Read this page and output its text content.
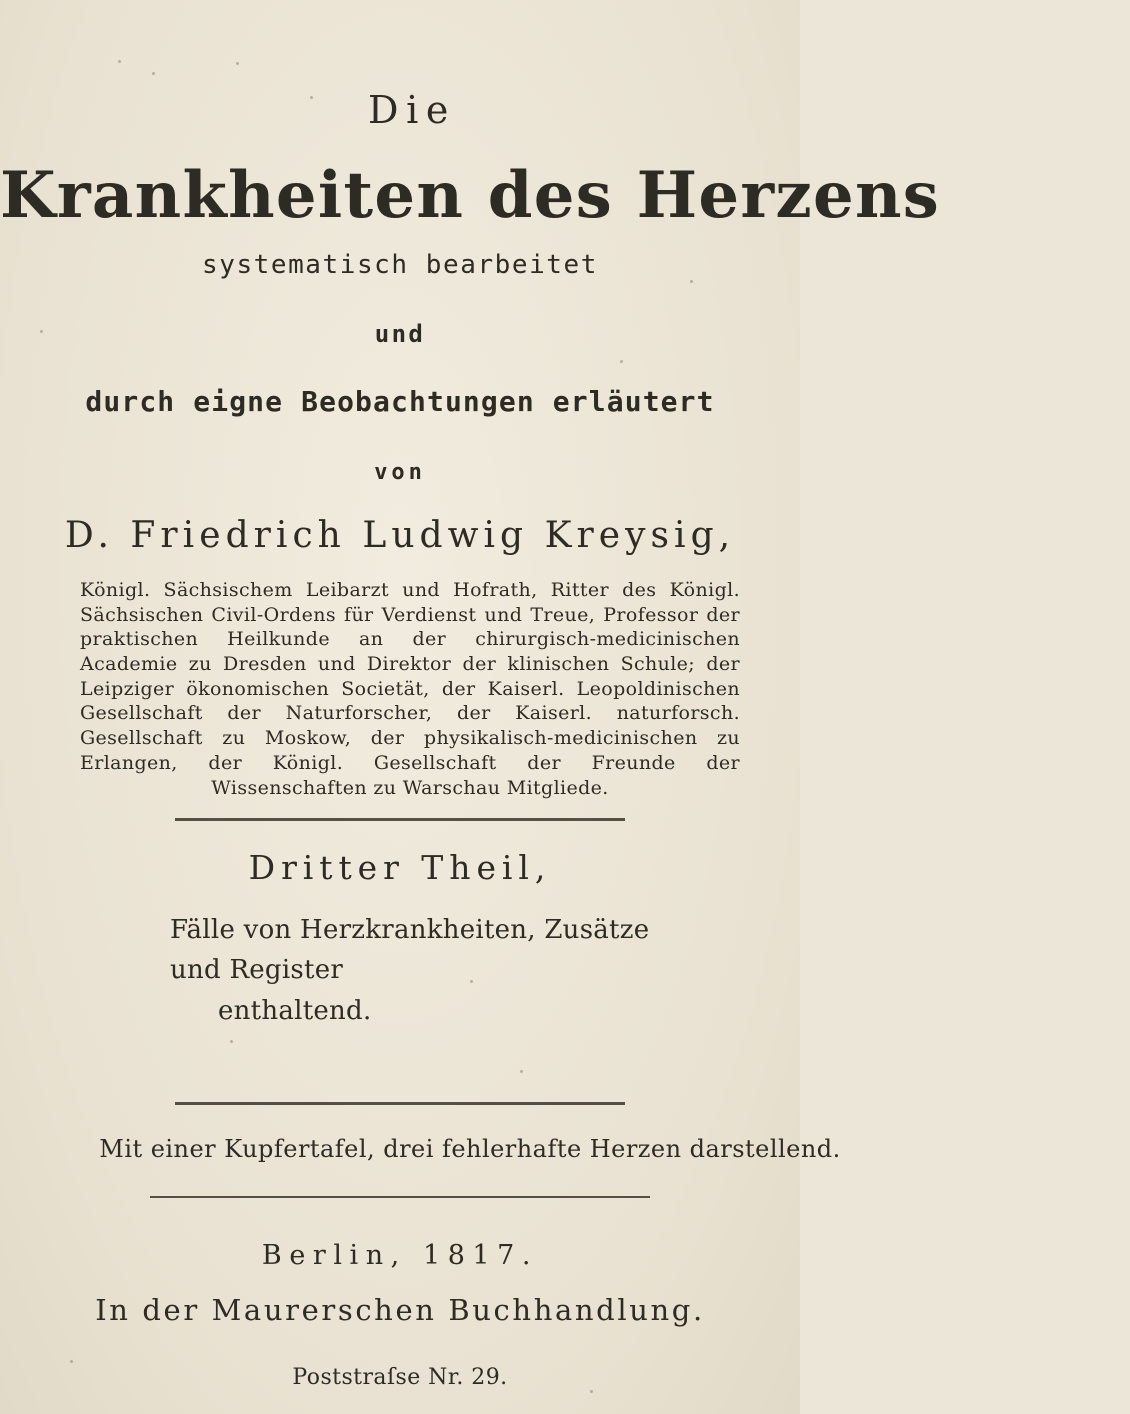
Die
Krankheiten des Herzens
systematisch bearbeitet
und
durch eigne Beobachtungen erläutert
von
D. Friedrich Ludwig Kreysig,
Königl. Sächsischem Leibarzt und Hofrath, Ritter des Königl. Sächsischen Civil-Ordens für Verdienst und Treue, Professor der praktischen Heilkunde an der chirurgisch-medicinischen Academie zu Dresden und Direktor der klinischen Schule; der Leipziger ökonomischen Societät, der Kaiserl. Leopoldinischen Gesellschaft der Naturforscher, der Kaiserl. naturforsch. Gesellschaft zu Moskow, der physikalisch-medicinischen zu Erlangen, der Königl. Gesellschaft der Freunde der Wissenschaften zu Warschau Mitgliede.
Dritter Theil,
Fälle von Herzkrankheiten, Zusätze und Register
enthaltend.
Mit einer Kupfertafel, drei fehlerhafte Herzen darstellend.
Berlin, 1817.
In der Maurerschen Buchhandlung.
Poststraſse Nr. 29.
